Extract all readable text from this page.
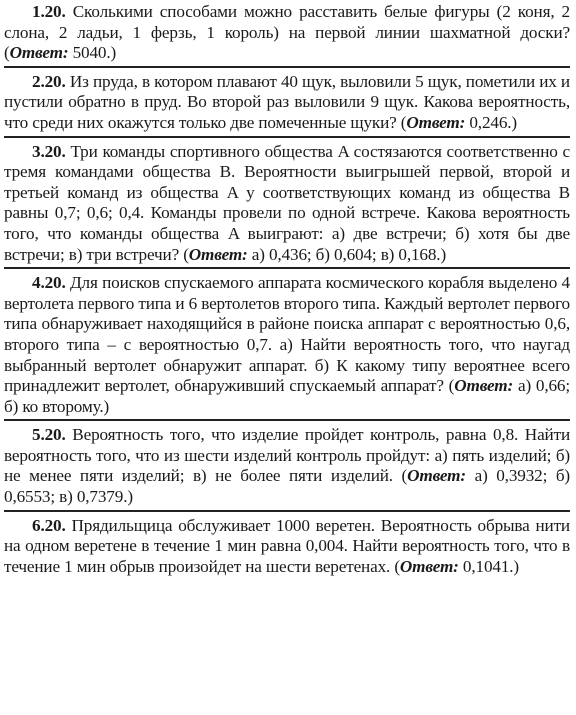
1.20. Сколькими способами можно расставить белые фигуры (2 коня, 2 слона, 2 ладьи, 1 ферзь, 1 король) на первой линии шахматной доски? (Ответ: 5040.)

2.20. Из пруда, в котором плавают 40 щук, выловили 5 щук, пометили их и пустили обратно в пруд. Во второй раз выловили 9 щук. Какова вероятность, что среди них окажутся только две помеченные щуки? (Ответ: 0,246.)

3.20. Три команды спортивного общества A состязаются соответственно с тремя командами общества B. Вероятности выигрышей первой, второй и третьей команд из общества A у соответствующих команд из общества B равны 0,7; 0,6; 0,4. Команды провели по одной встрече. Какова вероятность того, что команды общества A выиграют: а) две встречи; б) хотя бы две встречи; в) три встречи? (Ответ: а) 0,436; б) 0,604; в) 0,168.)

4.20. Для поисков спускаемого аппарата космического корабля выделено 4 вертолета первого типа и 6 вертолетов второго типа. Каждый вертолет первого типа обнаруживает находящийся в районе поиска аппарат с вероятностью 0,6, второго типа – с вероятностью 0,7. а) Найти вероятность того, что наугад выбранный вертолет обнаружит аппарат. б) К какому типу вероятнее всего принадлежит вертолет, обнаруживший спускаемый аппарат? (Ответ: а) 0,66; б) ко второму.)

5.20. Вероятность того, что изделие пройдет контроль, равна 0,8. Найти вероятность того, что из шести изделий контроль пройдут: а) пять изделий; б) не менее пяти изделий; в) не более пяти изделий. (Ответ: а) 0,3932; б) 0,6553; в) 0,7379.)

6.20. Прядильщица обслуживает 1000 веретен. Вероятность обрыва нити на одном веретене в течение 1 мин равна 0,004. Найти вероятность того, что в течение 1 мин обрыв произойдет на шести веретенах. (Ответ: 0,1041.)
